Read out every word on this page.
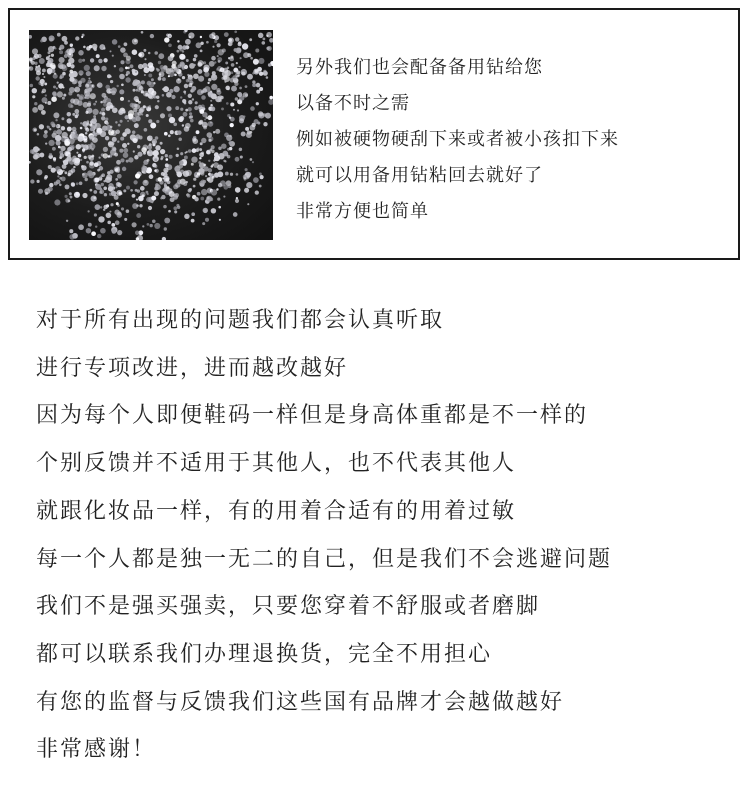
另外我们也会配备备用钻给您
以备不时之需
例如被硬物硬刮下来或者被小孩扣下来
就可以用备用钻粘回去就好了
非常方便也简单
对于所有出现的问题我们都会认真听取
进行专项改进，进而越改越好
因为每个人即便鞋码一样但是身高体重都是不一样的
个别反馈并不适用于其他人，也不代表其他人
就跟化妆品一样，有的用着合适有的用着过敏
每一个人都是独一无二的自己，但是我们不会逃避问题
我们不是强买强卖，只要您穿着不舒服或者磨脚
都可以联系我们办理退换货，完全不用担心
有您的监督与反馈我们这些国有品牌才会越做越好
非常感谢！
